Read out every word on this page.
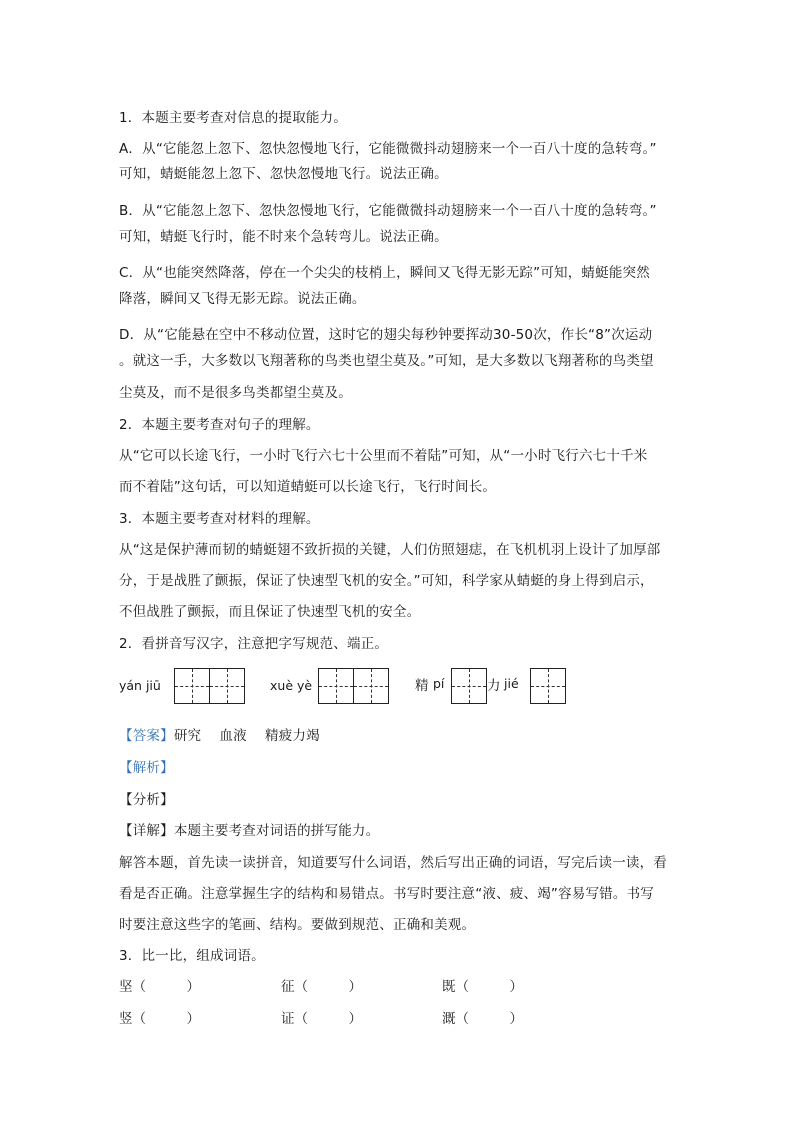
1．本题主要考查对信息的提取能力。
A．从“它能忽上忽下、忽快忽慢地飞行，它能微微抖动翅膀来一个一百八十度的急转弯。”
可知，蜻蜓能忽上忽下、忽快忽慢地飞行。说法正确。
B．从“它能忽上忽下、忽快忽慢地飞行，它能微微抖动翅膀来一个一百八十度的急转弯。”
可知，蜻蜓飞行时，能不时来个急转弯儿。说法正确。
C．从“也能突然降落，停在一个尖尖的枝梢上，瞬间又飞得无影无踪”可知，蜻蜓能突然
降落，瞬间又飞得无影无踪。说法正确。
D．从“它能悬在空中不移动位置，这时它的翅尖每秒钟要挥动30-50次，作长“8”次运动
。就这一手，大多数以飞翔著称的鸟类也望尘莫及。”可知，是大多数以飞翔著称的鸟类望
尘莫及，而不是很多鸟类都望尘莫及。
2．本题主要考查对句子的理解。
从“它可以长途飞行，一小时飞行六七十公里而不着陆”可知，从“一小时飞行六七十千米
而不着陆”这句话，可以知道蜻蜓可以长途飞行，飞行时间长。
3．本题主要考查对材料的理解。
从“这是保护薄而韧的蜻蜓翅不致折损的关键，人们仿照翅痣，在飞机机羽上设计了加厚部
分，于是战胜了颤振，保证了快速型飞机的安全。”可知，科学家从蜻蜓的身上得到启示，
不但战胜了颤振，而且保证了快速型飞机的安全。
2．看拼音写汉字，注意把字写规范、端正。
yán jiū	xuè yè	精 pí	力 jié
【答案】研究　 血液　 精疲力竭
【解析】
【分析】
【详解】本题主要考查对词语的拼写能力。
解答本题，首先读一读拼音，知道要写什么词语，然后写出正确的词语，写完后读一读，看
看是否正确。注意掌握生字的结构和易错点。书写时要注意“液、疲、竭”容易写错。书写
时要注意这些字的笔画、结构。要做到规范、正确和美观。
3．比一比，组成词语。
坚（　　　）	征（　　　）	既（　　　）
竖（　　　）	证（　　　）	溉（　　　）
